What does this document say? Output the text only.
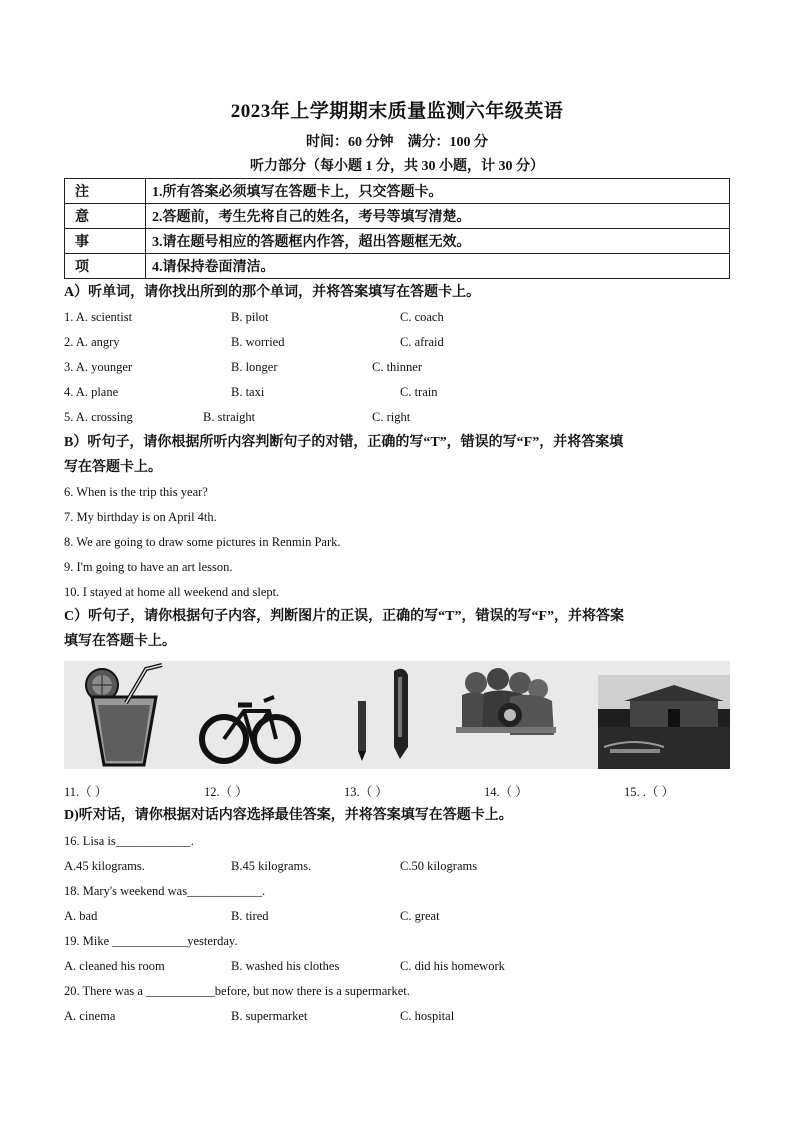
2023年上学期期末质量监测六年级英语
时间：60 分钟    满分：100 分
听力部分（每小题 1 分，共 30 小题，计 30 分）
注	1.所有答案必须填写在答题卡上，只交答题卡。
意	2.答题前，考生先将自己的姓名，考号等填写清楚。
事	3.请在题号相应的答题框内作答，超出答题框无效。
项	4.请保持卷面清洁。
A）听单词，请你找出所到的那个单词，并将答案填写在答题卡上。
1. A. scientist	B. pilot	C. coach
2. A. angry	B. worried	C. afraid
3. A. younger	B. longer	C. thinner
4. A. plane	B. taxi	C. train
5. A. crossing	B. straight	C. right
B）听句子，请你根据所听内容判断句子的对错，正确的写“T”，错误的写“F”，并将答案填
写在答题卡上。
6. When is the trip this year?
7. My birthday is on April 4th.
8. We are going to draw some pictures in Renmin Park.
9. I'm going to have an art lesson.
10. I stayed at home all weekend and slept.
C）听句子，请你根据句子内容，判断图片的正误，正确的写“T”，错误的写“F”，并将答案
填写在答题卡上。
11.（ ）	12.（ ）	13.（ ）	14.（ ）	15. .（ ）
D)听对话，请你根据对话内容选择最佳答案，并将答案填写在答题卡上。
16. Lisa is____________.
A.45 kilograms.	B.45 kilograms.	C.50 kilograms
18. Mary's weekend was____________.
A. bad	B. tired	C. great
19. Mike ____________yesterday.
A. cleaned his room	B. washed his clothes	C. did his homework
20. There was a ___________before, but now there is a supermarket.
A. cinema	B. supermarket	C. hospital
